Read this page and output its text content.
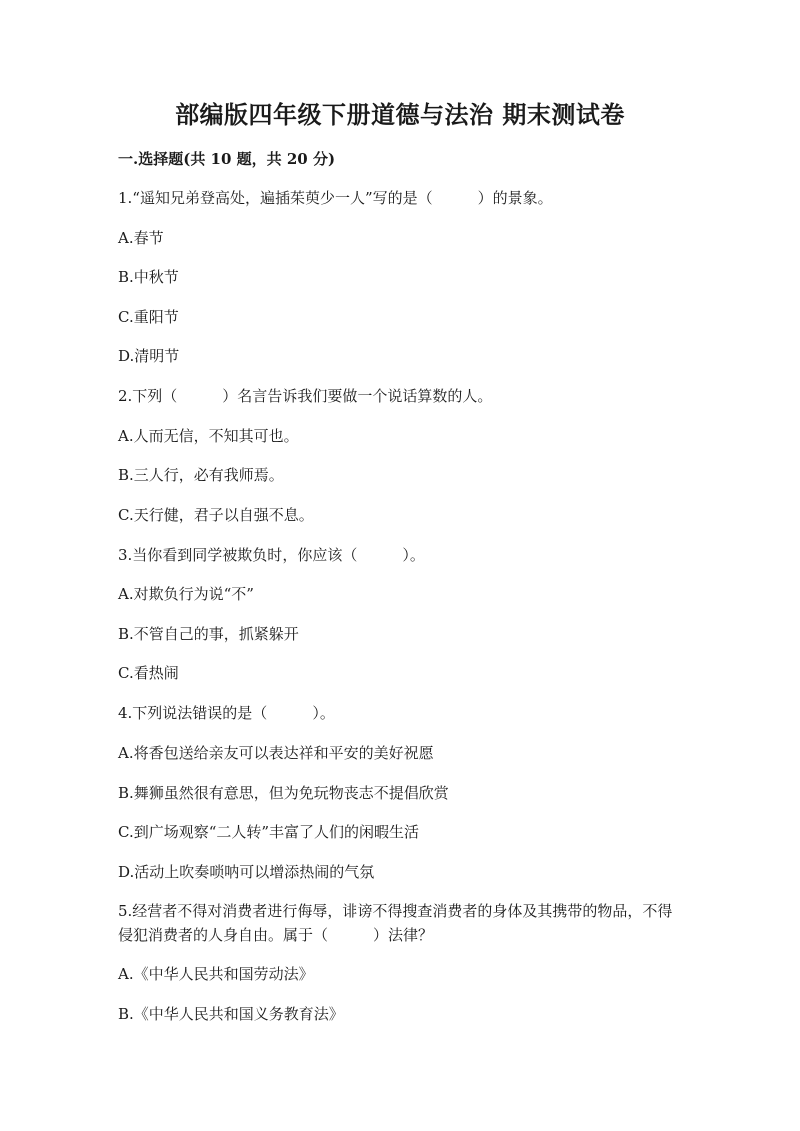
部编版四年级下册道德与法治 期末测试卷
一.选择题(共 10 题，共 20 分)
1.“遥知兄弟登高处，遍插茱萸少一人”写的是（　　　）的景象。
A.春节
B.中秋节
C.重阳节
D.清明节
2.下列（　　　）名言告诉我们要做一个说话算数的人。
A.人而无信，不知其可也。
B.三人行，必有我师焉。
C.天行健，君子以自强不息。
3.当你看到同学被欺负时，你应该（　　　）。
A.对欺负行为说“不”
B.不管自己的事，抓紧躲开
C.看热闹
4.下列说法错误的是（　　　）。
A.将香包送给亲友可以表达祥和平安的美好祝愿
B.舞狮虽然很有意思，但为免玩物丧志不提倡欣赏
C.到广场观察“二人转”丰富了人们的闲暇生活
D.活动上吹奏唢呐可以增添热闹的气氛
5.经营者不得对消费者进行侮辱，诽谤不得搜查消费者的身体及其携带的物品，不得侵犯消费者的人身自由。属于（　　　）法律？
A.《中华人民共和国劳动法》
B.《中华人民共和国义务教育法》
